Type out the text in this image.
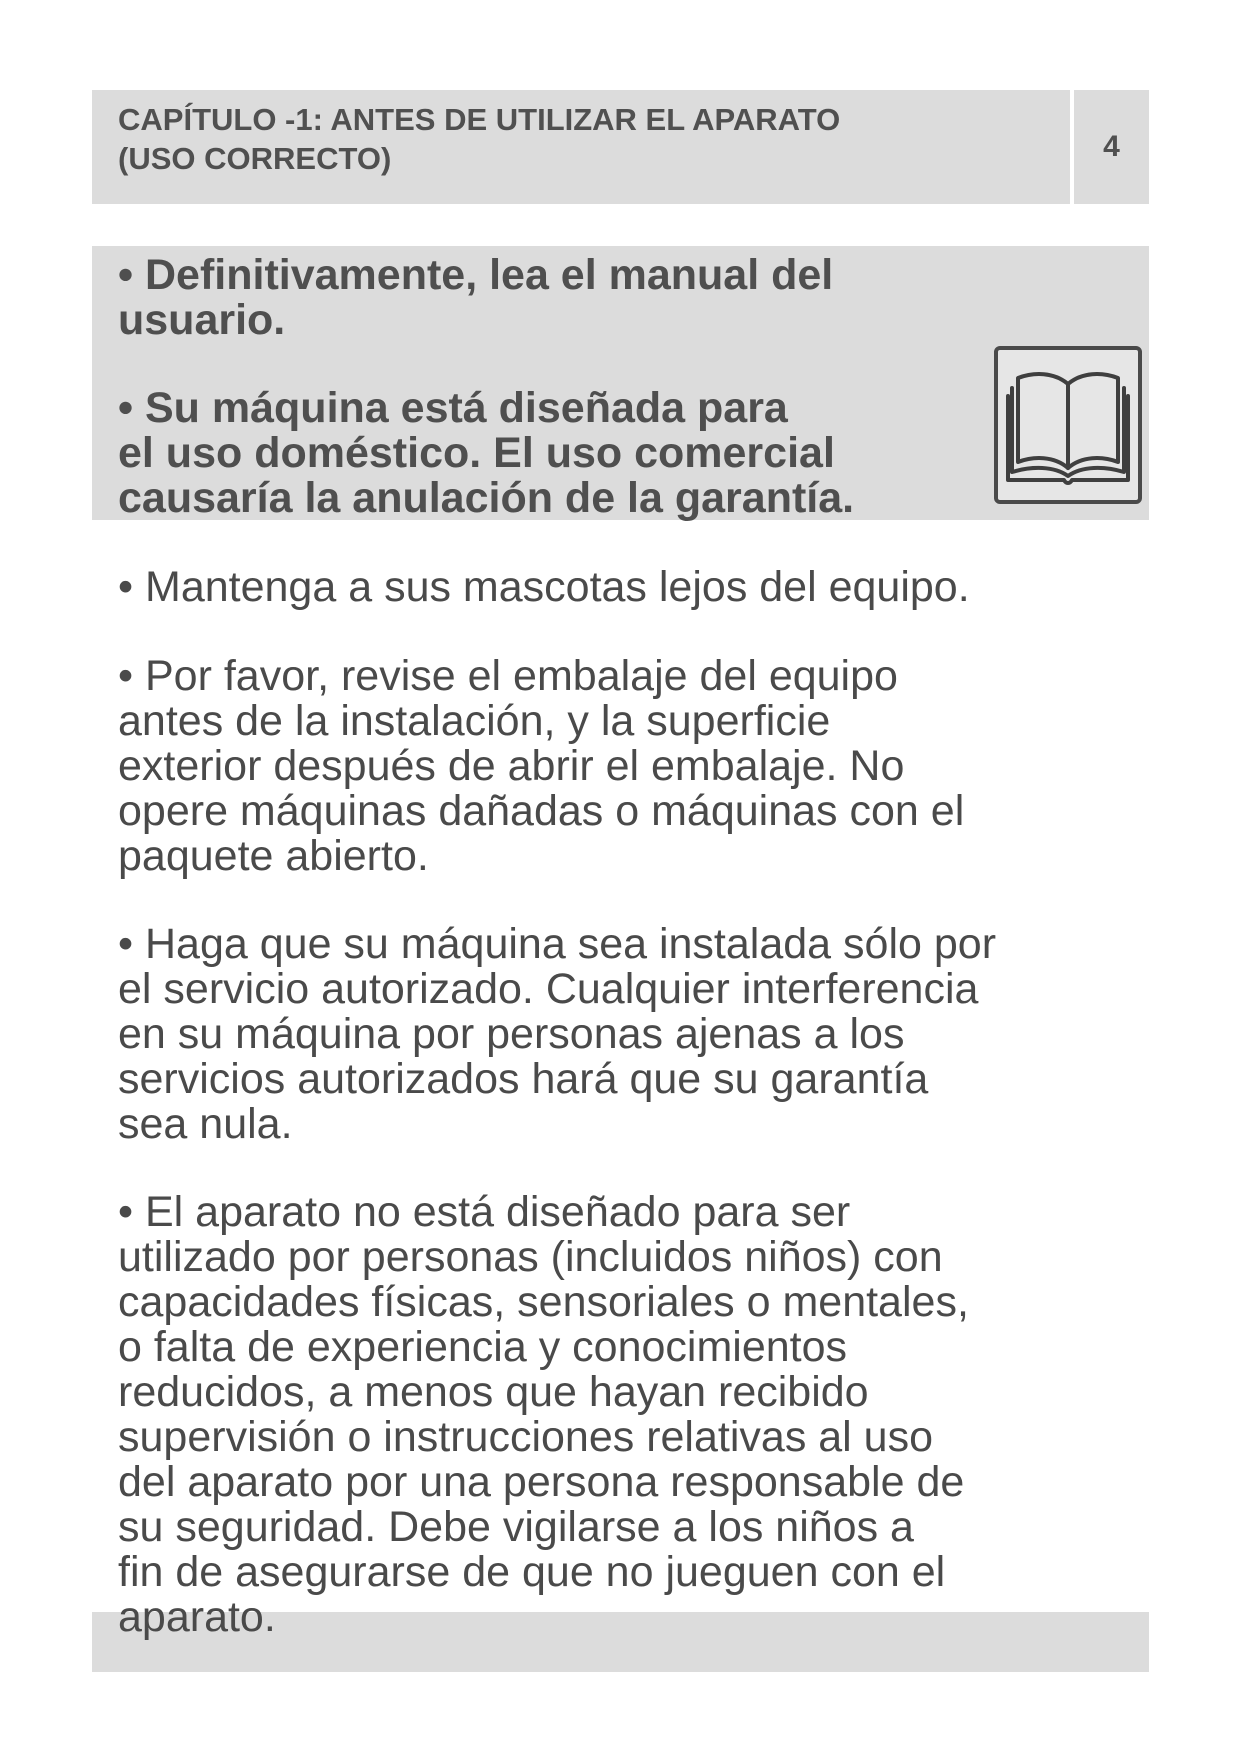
CAPÍTULO -1: ANTES DE UTILIZAR EL APARATO
(USO CORRECTO)	4

• Definitivamente, lea el manual del
usuario.

• Su máquina está diseñada para
el uso doméstico. El uso comercial
causaría la anulación de la garantía.

• Mantenga a sus mascotas lejos del equipo.

• Por favor, revise el embalaje del equipo
antes de la instalación, y la superficie
exterior después de abrir el embalaje. No
opere máquinas dañadas o máquinas con el
paquete abierto.

• Haga que su máquina sea instalada sólo por
el servicio autorizado. Cualquier interferencia
en su máquina por personas ajenas a los
servicios autorizados hará que su garantía
sea nula.

• El aparato no está diseñado para ser
utilizado por personas (incluidos niños) con
capacidades físicas, sensoriales o mentales,
o falta de experiencia y conocimientos
reducidos, a menos que hayan recibido
supervisión o instrucciones relativas al uso
del aparato por una persona responsable de
su seguridad. Debe vigilarse a los niños a
fin de asegurarse de que no jueguen con el
aparato.
